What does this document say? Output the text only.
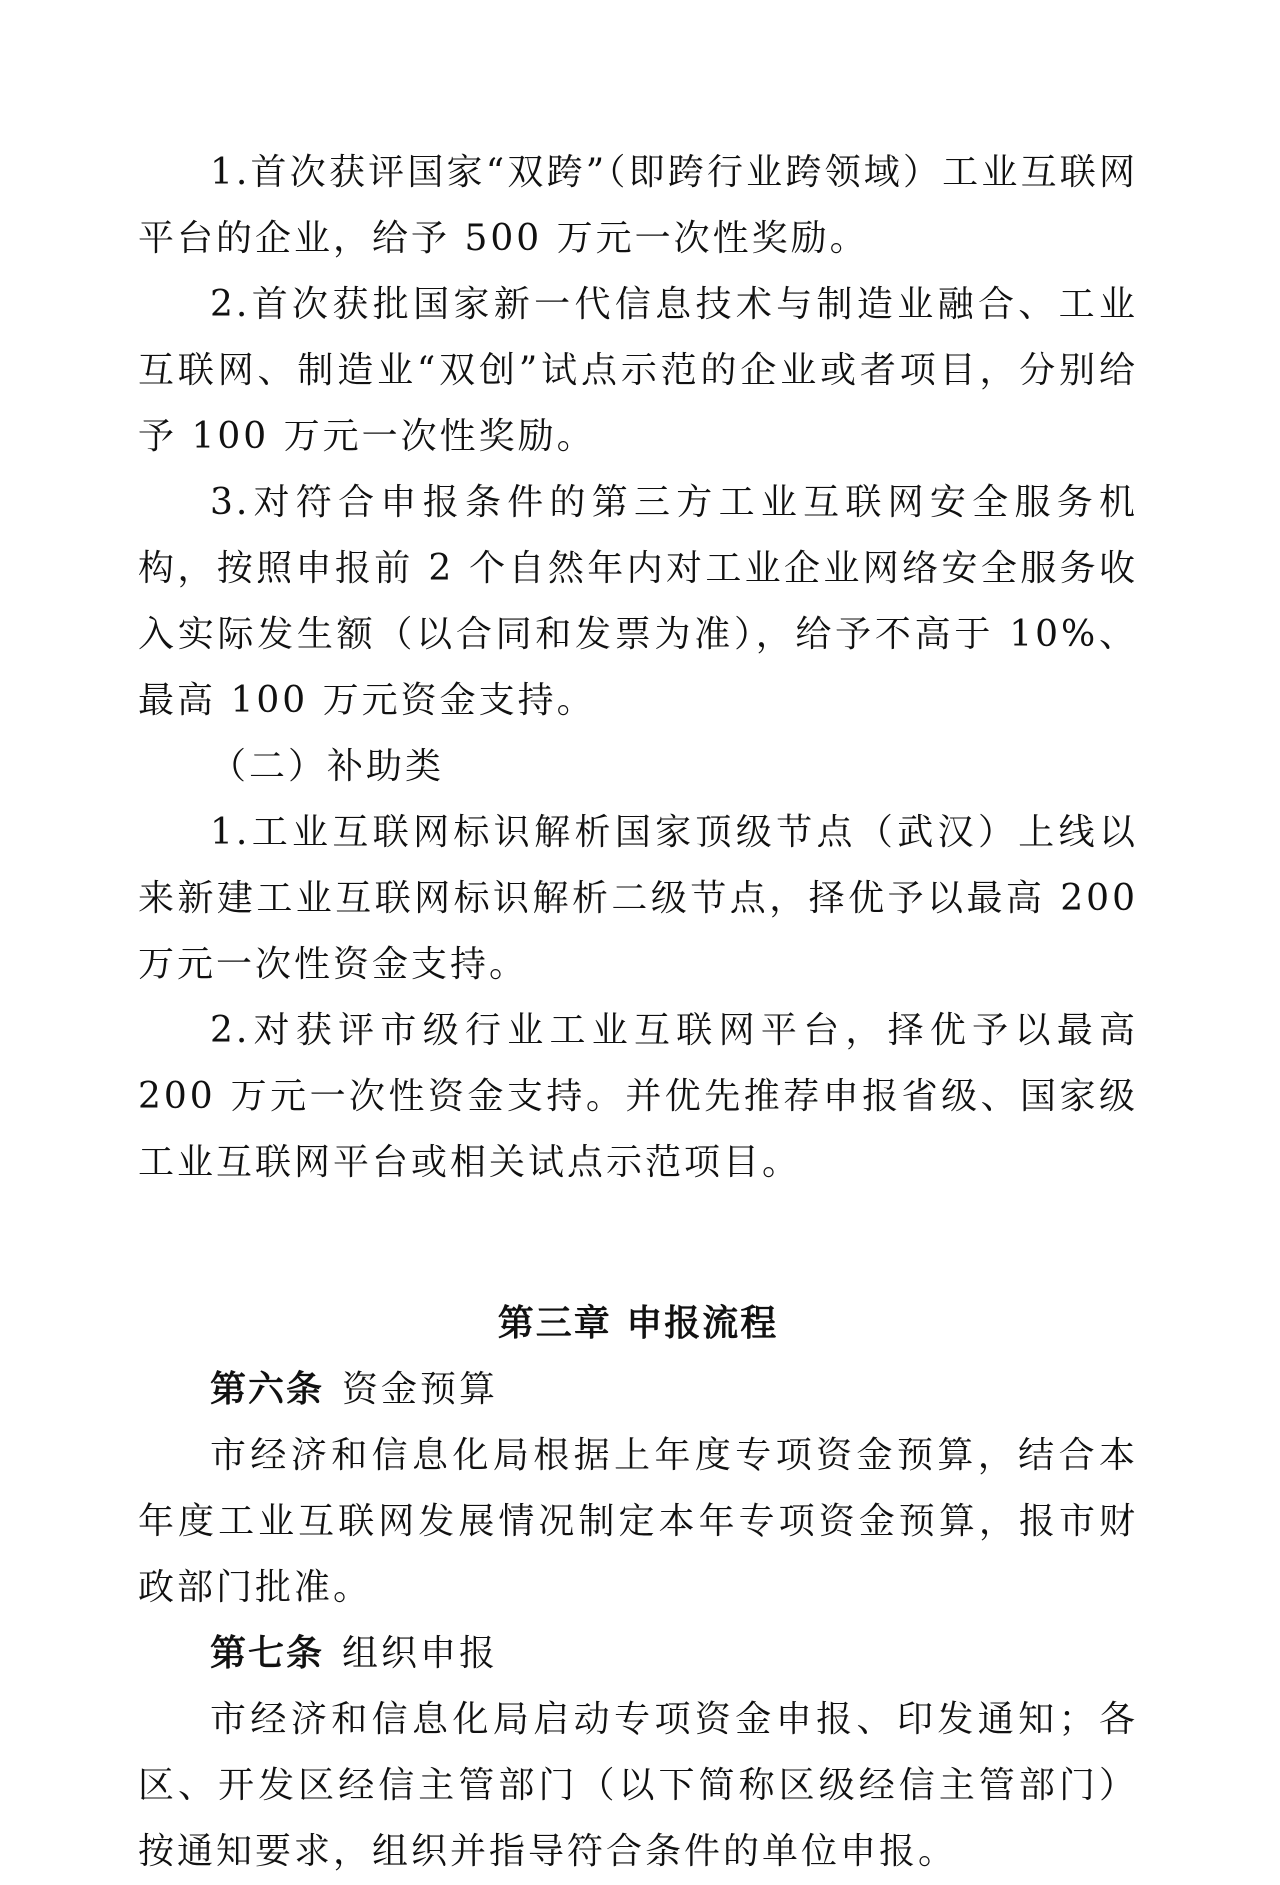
1.首次获评国家“双跨”（即跨行业跨领域）工业互联网平台的企业，给予 500 万元一次性奖励。

2.首次获批国家新一代信息技术与制造业融合、工业互联网、制造业“双创”试点示范的企业或者项目，分别给予 100 万元一次性奖励。

3.对符合申报条件的第三方工业互联网安全服务机构，按照申报前 2 个自然年内对工业企业网络安全服务收入实际发生额（以合同和发票为准），给予不高于 10%、最高 100 万元资金支持。

（二）补助类

1.工业互联网标识解析国家顶级节点（武汉）上线以来新建工业互联网标识解析二级节点，择优予以最高 200 万元一次性资金支持。

2.对获评市级行业工业互联网平台，择优予以最高 200 万元一次性资金支持。并优先推荐申报省级、国家级工业互联网平台或相关试点示范项目。

第三章 申报流程

第六条 资金预算

市经济和信息化局根据上年度专项资金预算，结合本年度工业互联网发展情况制定本年专项资金预算，报市财政部门批准。

第七条 组织申报

市经济和信息化局启动专项资金申报、印发通知；各区、开发区经信主管部门（以下简称区级经信主管部门）按通知要求，组织并指导符合条件的单位申报。
